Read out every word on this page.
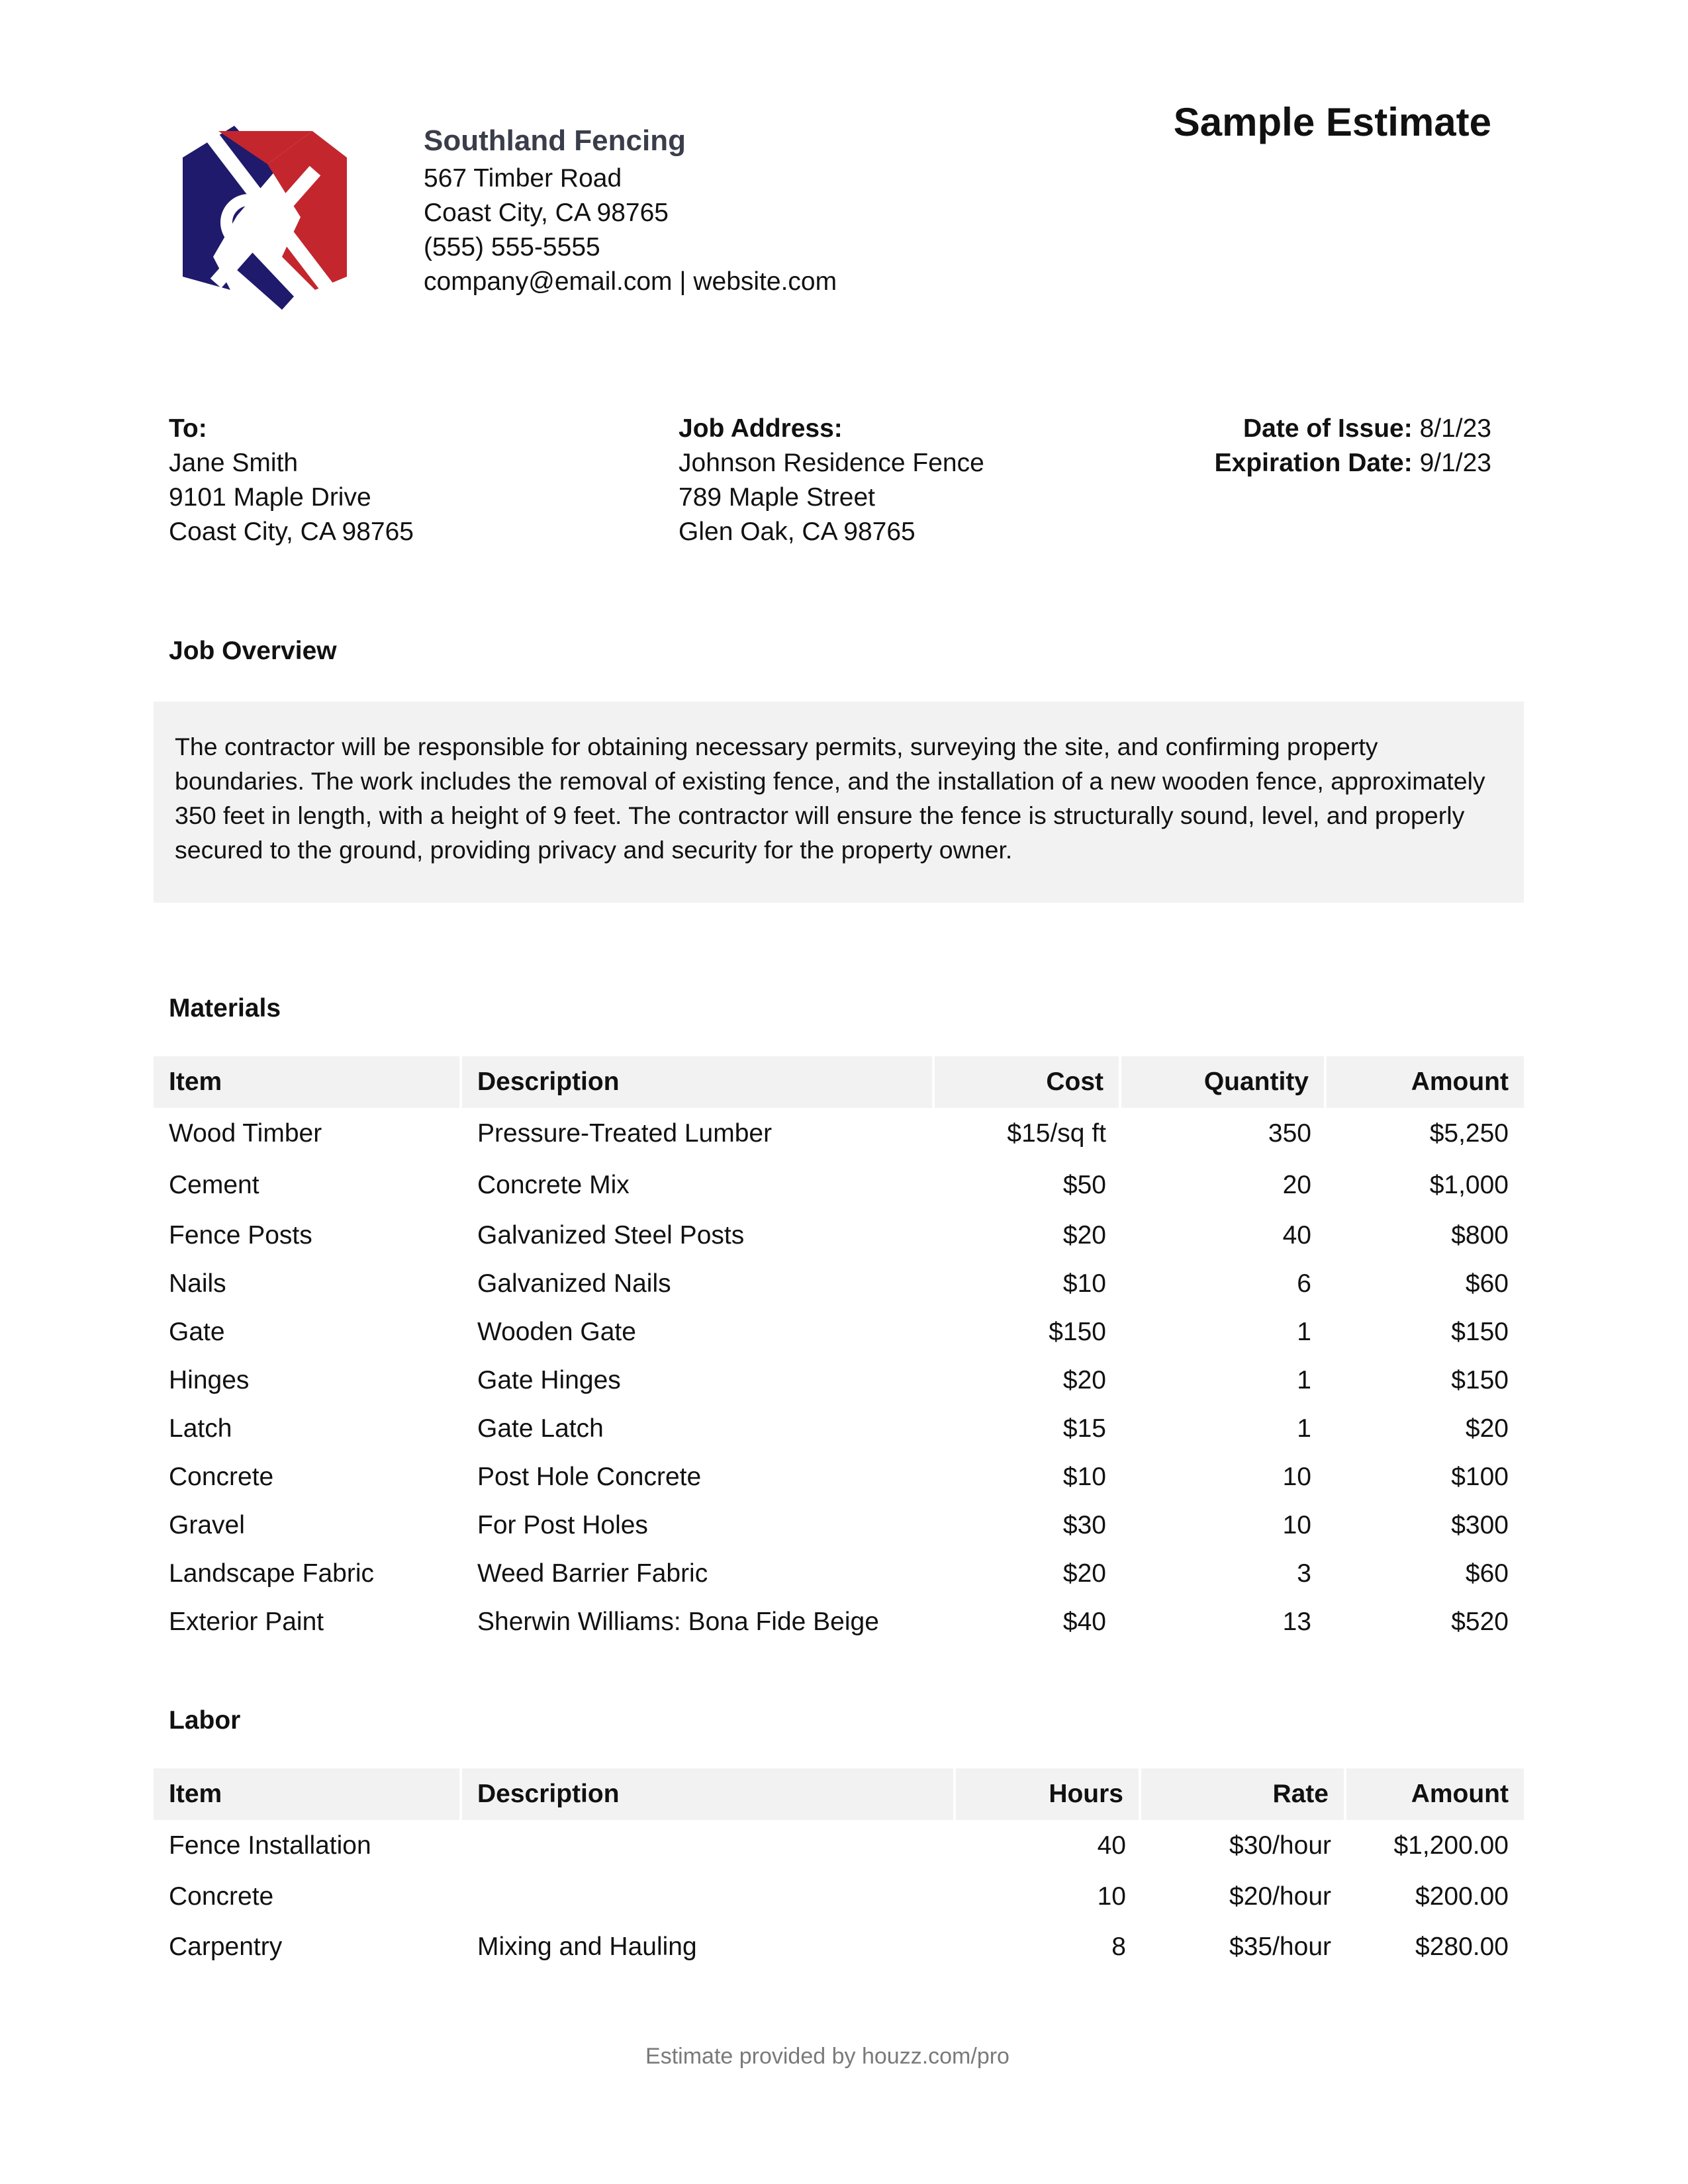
Southland Fencing
567 Timber Road
Coast City, CA 98765
(555) 555-5555
company@email.com | website.com
Sample Estimate
To:
Jane Smith
9101 Maple Drive
Coast City, CA 98765
Job Address:
Johnson Residence Fence
789 Maple Street
Glen Oak, CA 98765
Date of Issue: 8/1/23
Expiration Date: 9/1/23
Job Overview
The contractor will be responsible for obtaining necessary permits, surveying the site, and confirming property boundaries. The work includes the removal of existing fence, and the installation of a new wooden fence, approximately 350 feet in length, with a height of 9 feet. The contractor will ensure the fence is structurally sound, level, and properly secured to the ground, providing privacy and security for the property owner.
Materials
Item	Description	Cost	Quantity	Amount
Wood Timber	Pressure-Treated Lumber	$15/sq ft	350	$5,250
Cement	Concrete Mix	$50	20	$1,000
Fence Posts	Galvanized Steel Posts	$20	40	$800
Nails	Galvanized Nails	$10	6	$60
Gate	Wooden Gate	$150	1	$150
Hinges	Gate Hinges	$20	1	$150
Latch	Gate Latch	$15	1	$20
Concrete	Post Hole Concrete	$10	10	$100
Gravel	For Post Holes	$30	10	$300
Landscape Fabric	Weed Barrier Fabric	$20	3	$60
Exterior Paint	Sherwin Williams: Bona Fide Beige	$40	13	$520
Labor
Item	Description	Hours	Rate	Amount
Fence Installation		40	$30/hour	$1,200.00
Concrete		10	$20/hour	$200.00
Carpentry	Mixing and Hauling	8	$35/hour	$280.00
Estimate provided by houzz.com/pro
